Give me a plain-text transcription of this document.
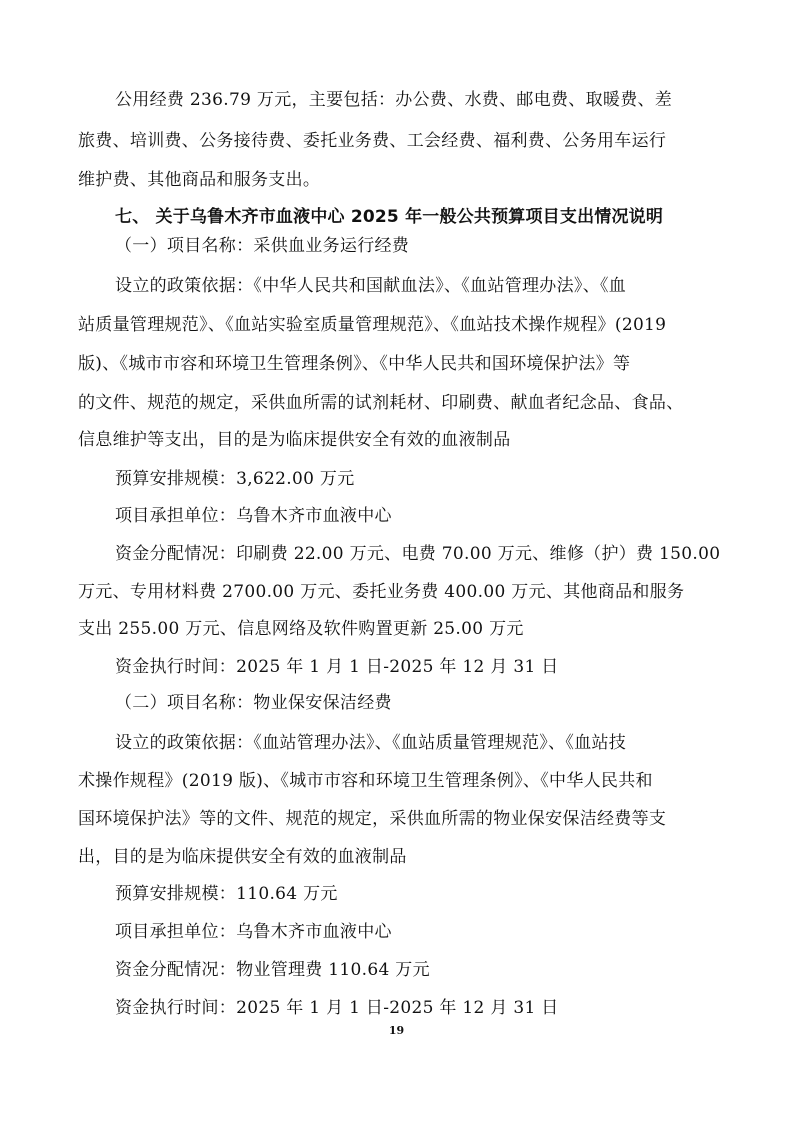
公用经费 236.79 万元，主要包括：办公费、水费、邮电费、取暖费、差
旅费、培训费、公务接待费、委托业务费、工会经费、福利费、公务用车运行
维护费、其他商品和服务支出。
七、 关于乌鲁木齐市血液中心 2025 年一般公共预算项目支出情况说明
（一）项目名称：采供血业务运行经费
设立的政策依据：《中华人民共和国献血法》、《血站管理办法》、《血
站质量管理规范》、《血站实验室质量管理规范》、《血站技术操作规程》(2019
版)、《城市市容和环境卫生管理条例》、《中华人民共和国环境保护法》等
的文件、规范的规定，采供血所需的试剂耗材、印刷费、献血者纪念品、食品、
信息维护等支出，目的是为临床提供安全有效的血液制品
预算安排规模：3,622.00 万元
项目承担单位：乌鲁木齐市血液中心
资金分配情况：印刷费 22.00 万元、电费 70.00 万元、维修（护）费 150.00
万元、专用材料费 2700.00 万元、委托业务费 400.00 万元、其他商品和服务
支出 255.00 万元、信息网络及软件购置更新 25.00 万元
资金执行时间：2025 年 1 月 1 日-2025 年 12 月 31 日
（二）项目名称：物业保安保洁经费
设立的政策依据：《血站管理办法》、《血站质量管理规范》、《血站技
术操作规程》(2019 版)、《城市市容和环境卫生管理条例》、《中华人民共和
国环境保护法》等的文件、规范的规定，采供血所需的物业保安保洁经费等支
出，目的是为临床提供安全有效的血液制品
预算安排规模：110.64 万元
项目承担单位：乌鲁木齐市血液中心
资金分配情况：物业管理费 110.64 万元
资金执行时间：2025 年 1 月 1 日-2025 年 12 月 31 日
19
